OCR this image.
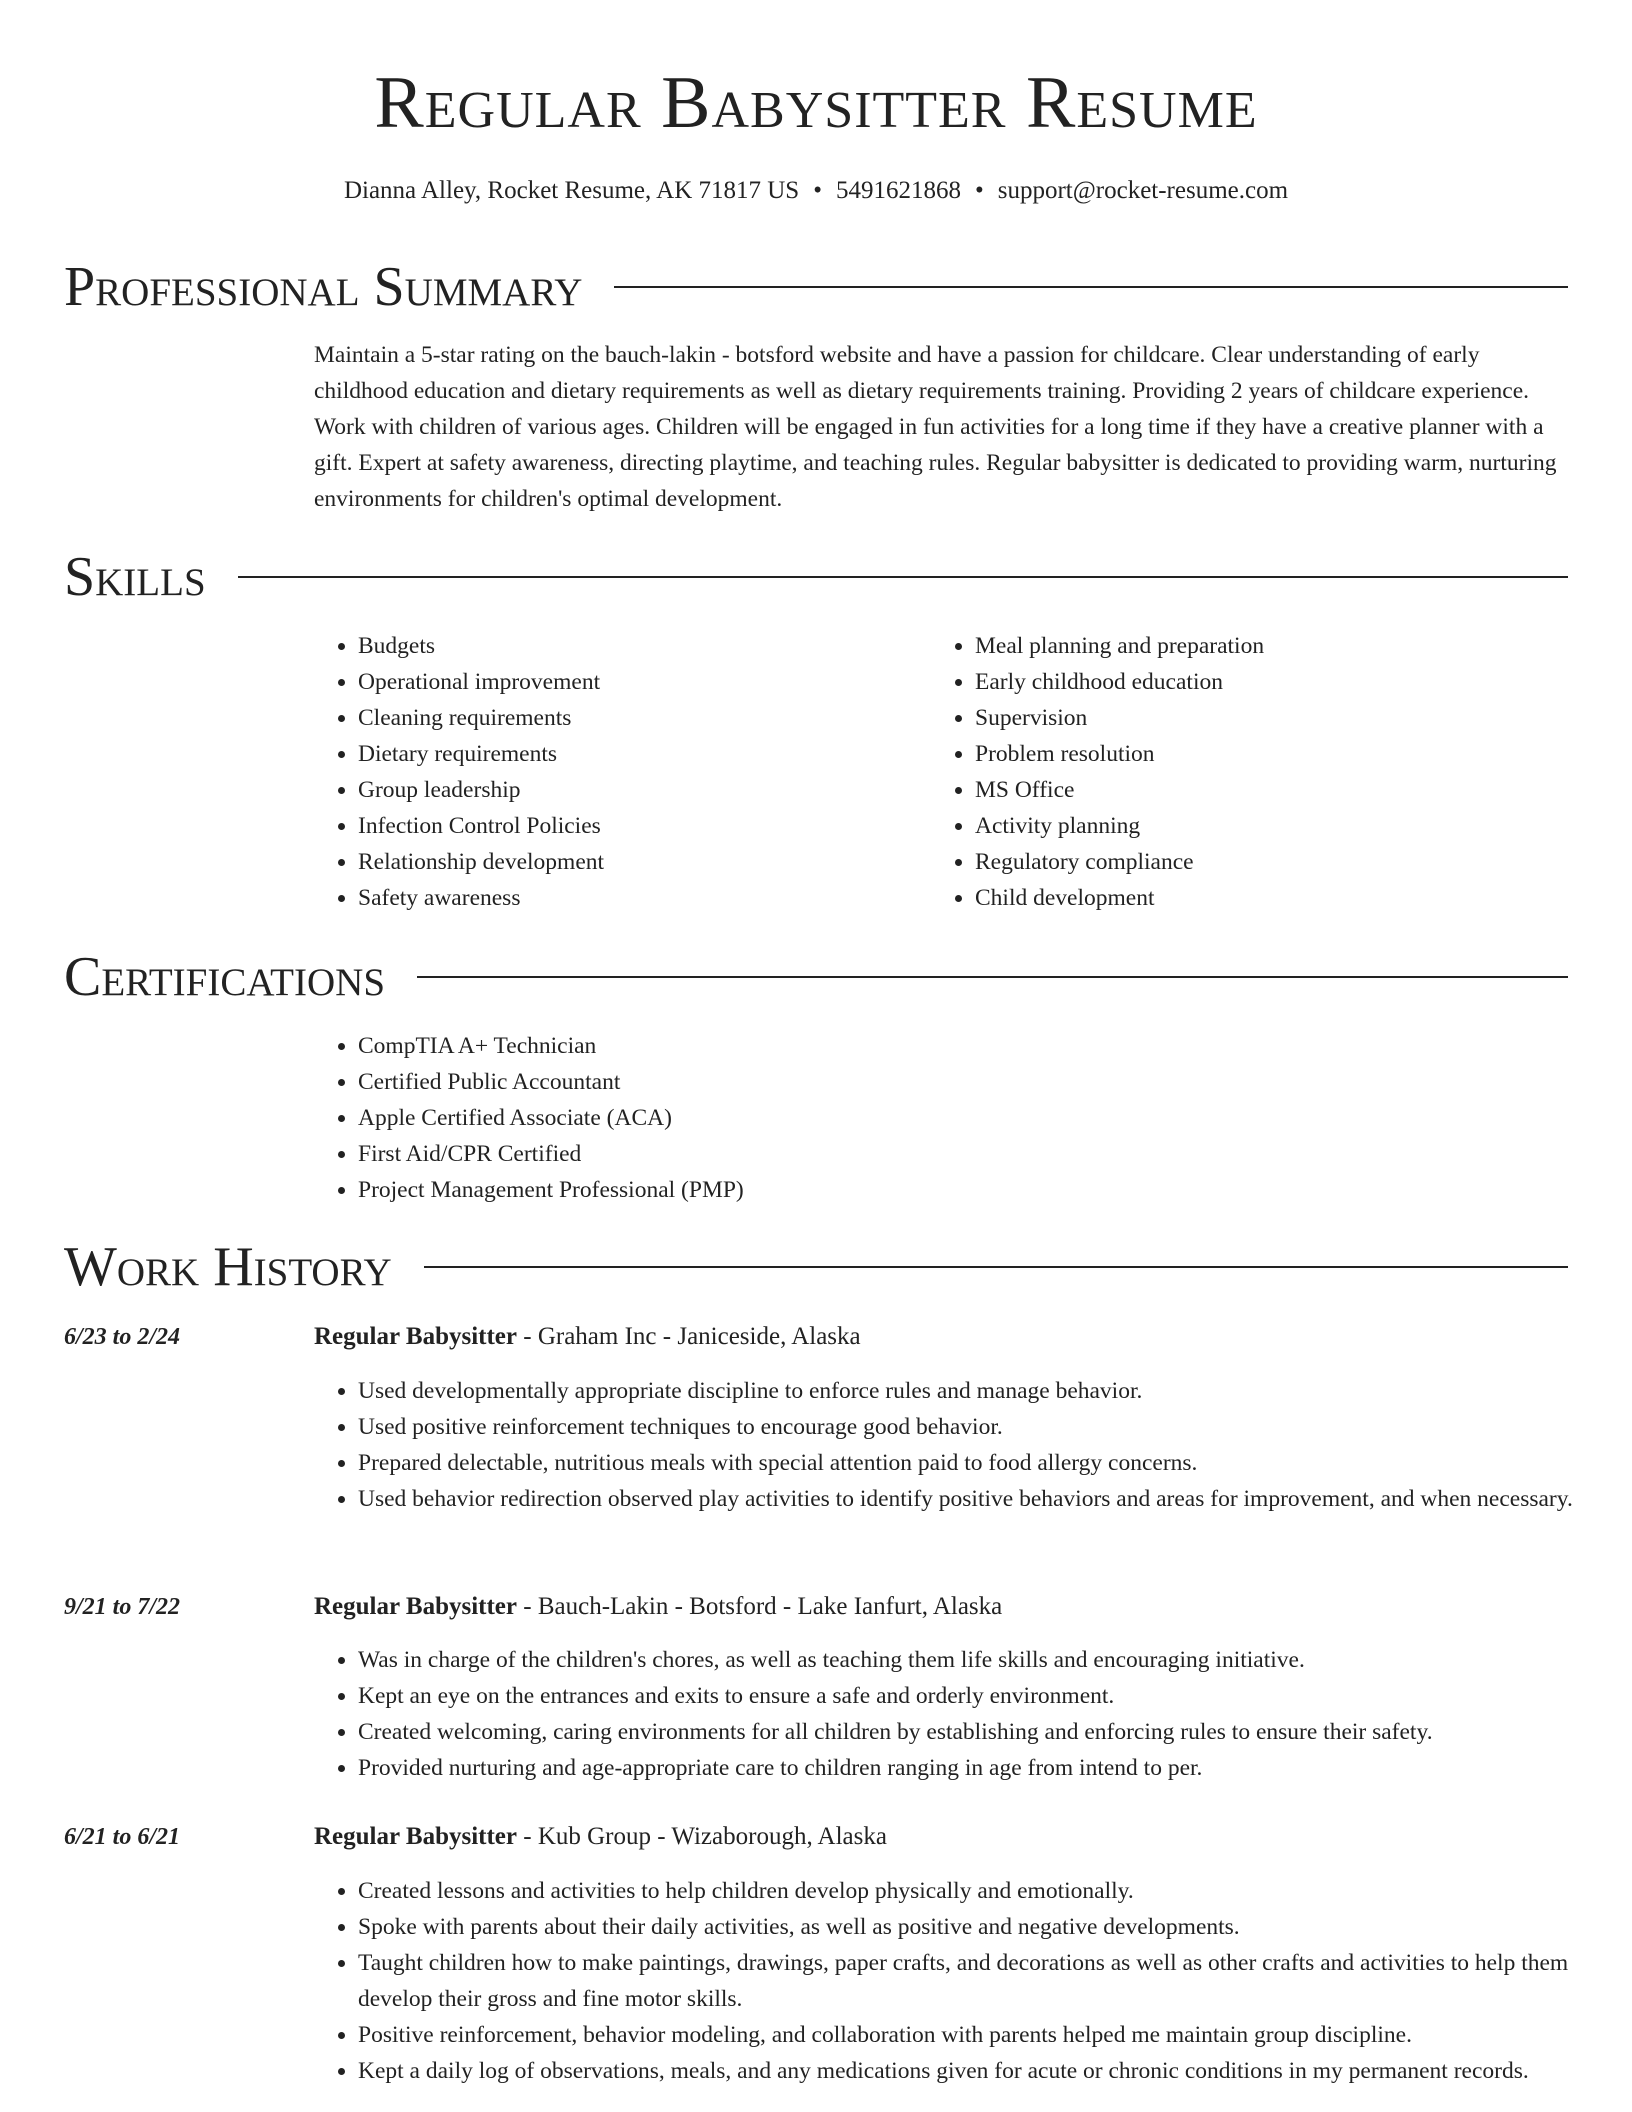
Regular Babysitter Resume
Dianna Alley, Rocket Resume, AK 71817 US • 5491621868 • support@rocket-resume.com
Professional Summary

Maintain a 5-star rating on the bauch-lakin - botsford website and have a passion for childcare. Clear understanding of early childhood education and dietary requirements as well as dietary requirements training. Providing 2 years of childcare experience. Work with children of various ages. Children will be engaged in fun activities for a long time if they have a creative planner with a gift. Expert at safety awareness, directing playtime, and teaching rules. Regular babysitter is dedicated to providing warm, nurturing environments for children's optimal development.

Skills
• Budgets
• Operational improvement
• Cleaning requirements
• Dietary requirements
• Group leadership
• Infection Control Policies
• Relationship development
• Safety awareness
• Meal planning and preparation
• Early childhood education
• Supervision
• Problem resolution
• MS Office
• Activity planning
• Regulatory compliance
• Child development
Certifications
• CompTIA A+ Technician
• Certified Public Accountant
• Apple Certified Associate (ACA)
• First Aid/CPR Certified
• Project Management Professional (PMP)
Work History
6/23 to 2/24	Regular Babysitter - Graham Inc - Janiceside, Alaska
• Used developmentally appropriate discipline to enforce rules and manage behavior.
• Used positive reinforcement techniques to encourage good behavior.
• Prepared delectable, nutritious meals with special attention paid to food allergy concerns.
• Used behavior redirection observed play activities to identify positive behaviors and areas for improvement, and when necessary.
9/21 to 7/22	Regular Babysitter - Bauch-Lakin - Botsford - Lake Ianfurt, Alaska
• Was in charge of the children's chores, as well as teaching them life skills and encouraging initiative.
• Kept an eye on the entrances and exits to ensure a safe and orderly environment.
• Created welcoming, caring environments for all children by establishing and enforcing rules to ensure their safety.
• Provided nurturing and age-appropriate care to children ranging in age from intend to per.
6/21 to 6/21	Regular Babysitter - Kub Group - Wizaborough, Alaska
• Created lessons and activities to help children develop physically and emotionally.
• Spoke with parents about their daily activities, as well as positive and negative developments.
• Taught children how to make paintings, drawings, paper crafts, and decorations as well as other crafts and activities to help them develop their gross and fine motor skills.
• Positive reinforcement, behavior modeling, and collaboration with parents helped me maintain group discipline.
• Kept a daily log of observations, meals, and any medications given for acute or chronic conditions in my permanent records.
